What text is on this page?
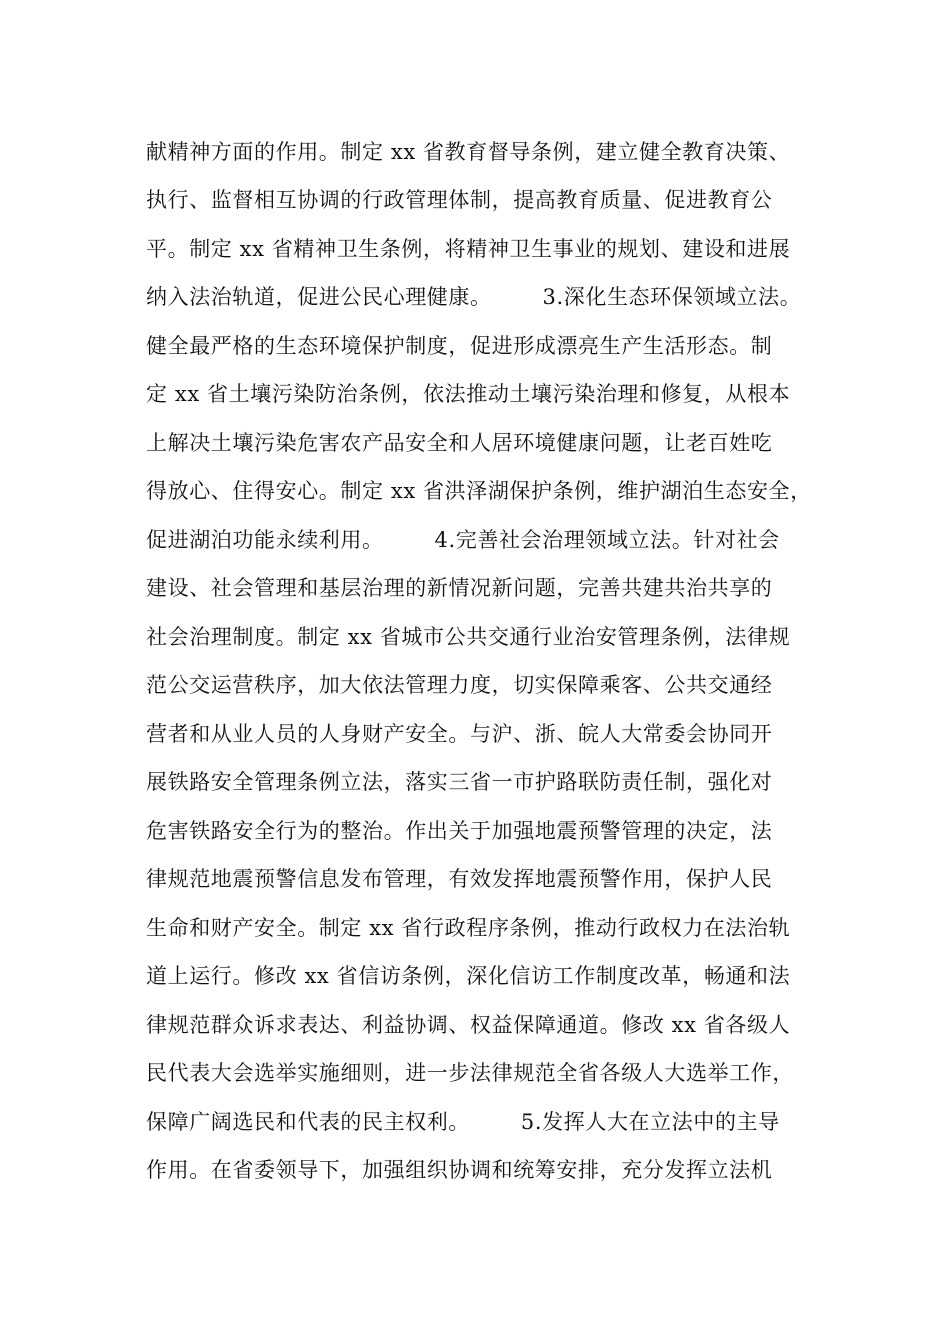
献精神方面的作用。制定 xx 省教育督导条例，建立健全教育决策、
执行、监督相互协调的行政管理体制，提高教育质量、促进教育公
平。制定 xx 省精神卫生条例，将精神卫生事业的规划、建设和进展
纳入法治轨道，促进公民心理健康。       3.深化生态环保领域立法。
健全最严格的生态环境保护制度，促进形成漂亮生产生活形态。制
定 xx 省土壤污染防治条例，依法推动土壤污染治理和修复，从根本
上解决土壤污染危害农产品安全和人居环境健康问题，让老百姓吃
得放心、住得安心。制定 xx 省洪泽湖保护条例，维护湖泊生态安全，
促进湖泊功能永续利用。       4.完善社会治理领域立法。针对社会
建设、社会管理和基层治理的新情况新问题，完善共建共治共享的
社会治理制度。制定 xx 省城市公共交通行业治安管理条例，法律规
范公交运营秩序，加大依法管理力度，切实保障乘客、公共交通经
营者和从业人员的人身财产安全。与沪、浙、皖人大常委会协同开
展铁路安全管理条例立法，落实三省一市护路联防责任制，强化对
危害铁路安全行为的整治。作出关于加强地震预警管理的决定，法
律规范地震预警信息发布管理，有效发挥地震预警作用，保护人民
生命和财产安全。制定 xx 省行政程序条例，推动行政权力在法治轨
道上运行。修改 xx 省信访条例，深化信访工作制度改革，畅通和法
律规范群众诉求表达、利益协调、权益保障通道。修改 xx 省各级人
民代表大会选举实施细则，进一步法律规范全省各级人大选举工作，
保障广阔选民和代表的民主权利。       5.发挥人大在立法中的主导
作用。在省委领导下，加强组织协调和统筹安排，充分发挥立法机
